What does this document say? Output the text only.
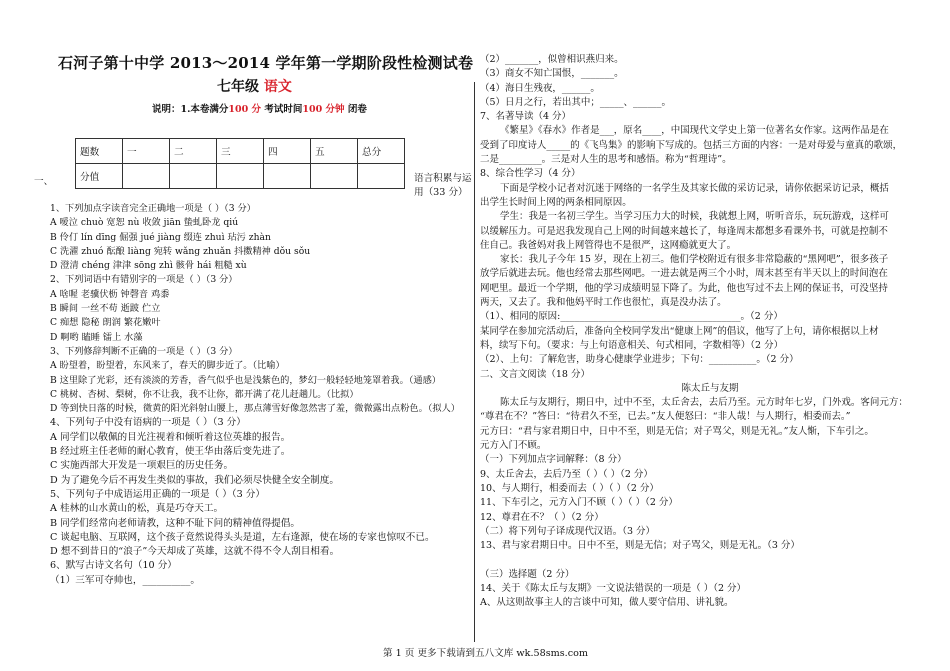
石河子第十中学 2013～2014 学年第一学期阶段性检测试卷
七年级 语文
说明：1.本卷满分100 分 考试时间100 分钟 闭卷
题数	一	二	三	四	五	总分
分值						
一、	语言积累与运用（33 分）
1、下列加点字读音完全正确地一项是（ ）（3 分）
A 嗳泣 chuò 宽恕 nù 收敛 jiān 蛰虬卧龙 qiú
B 伶仃 lín dīng 倔强 jué jiàng 缀连 zhuì 玷污 zhàn
C 洗濯 zhuó 酝酿 liàng 宛转 wǎng zhuǎn 抖擞精神 dǒu sǒu
D 澄清 chéng 津津 sōng zhì 骸骨 hái 粗糙 xù
2、下列词语中有错别字的一项是（ ）（3 分）
A 啥喔 老骥伏枥 钟磬音 鸡黍
B 瞬间 一丝不苟 逝跛 伫立
C 痴想 隐秘 朗润 繁花嫩叶
D 啊哟 瞌睡 镭上 水藻
3、下列修辞判断不正确的一项是（ ）（3 分）
A 盼望着，盼望着，东风来了，春天的脚步近了。（比喻）
B 这里除了光彩，还有淡淡的芳香，香气似乎也是浅紫色的，梦幻一般轻轻地笼罩着我。（通感）
C 桃树、杏树、梨树，你不让我，我不让你，都开满了花儿赶趟儿。（比拟）
D 等到快日落的时候，微黄的阳光斜射山腰上，那点薄雪好像忽然害了羞，微微露出点粉色。（拟人）
4、下列句子中没有语病的一项是（ ）（3 分）
A 同学们以敬佩的目光注视着和倾听着这位英雄的报告。
B 经过班主任老师的耐心教育，使王华由落后变先进了。
C 实施西部大开发是一项艰巨的历史任务。
D 为了避免今后不再发生类似的事故，我们必须尽快健全安全制度。
5、下列句子中成语运用正确的一项是（ ）（3 分）
A 桂林的山水黄山的松，真是巧夺天工。
B 同学们经常向老师请教，这种不耻下问的精神值得提倡。
C 谈起电脑、互联网，这个孩子竟然说得头头是道，左右逢源，使在场的专家也惊叹不已。
D 想不到昔日的“浪子”今天却成了英雄，这就不得不令人刮目相看。
6、默写古诗文名句（10 分）
（1）三军可夺帅也，__________。
（2）_______，似曾相识燕归来。
（3）商女不知亡国恨，_______。
（4）海日生残夜，______。
（5）日月之行，若出其中；_____、______。
7、名著导读（4 分）
《繁星》《春水》作者是___，原名____，中国现代文学史上第一位著名女作家。这两作品是在
受到了印度诗人_____的《飞鸟集》的影响下写成的。包括三方面的内容：一是对母爱与童真的歌颂，
二是_________。三是对人生的思考和感悟。称为“哲理诗”。
8、综合性学习（4 分）
下面是学校小记者对沉迷于网络的一名学生及其家长做的采访记录，请你依据采访记录，概括
出学生长时间上网的两条相同原因。
学生：我是一名初三学生。当学习压力大的时候，我就想上网，听听音乐，玩玩游戏，这样可
以缓解压力。可是迟我发现自己上网的时间越来越长了，每逢周末都想多看课外书，可就是控制不
住自己。我爸妈对我上网管得也不是很严，这网瘾就更大了。
家长：我儿子今年 15 岁，现在上初三。他们学校附近有很多非常隐蔽的“黑网吧”，很多孩子
放学后就进去玩。他也经常去那些网吧。一进去就是两三个小时，周末甚至有半天以上的时间泡在
网吧里。最近一个学期，他的学习成绩明显下降了。为此，他也写过不去上网的保证书，可没坚持
两天，又去了。我和他妈平时工作也很忙，真是没办法了。
（1）、相同的原因:______________________________________。（2 分）
某同学在参加完活动后，准备向全校同学发出“健康上网”的倡议，他写了上句，请你根据以上材
料，续写下句。（要求：与上句语意相关、句式相同，字数相等）（2 分）
（2）、上句：了解危害，助身心健康学业进步；下句：__________。（2 分）
二、文言文阅读（18 分）
陈太丘与友期
陈太丘与友期行，期日中，过中不至，太丘舍去，去后乃至。元方时年七岁，门外戏。客问元方：
“尊君在不？”答曰：“待君久不至，已去。”友人便怒曰：“非人哉！与人期行，相委而去。”
元方曰：“君与家君期日中，日中不至，则是无信；对子骂父，则是无礼。”友人惭，下车引之。
元方入门不顾。
（一）下列加点字词解释：（8 分）
9、太丘舍去，去后乃至（ ）（ ）（2 分）
10、与人期行，相委而去（ ）（ ）（2 分）
11、下车引之，元方入门不顾（ ）（ ）（2 分）
12、尊君在不？（ ）（2 分）
（二）将下列句子译成现代汉语。（3 分）
13、君与家君期日中。日中不至，则是无信；对子骂父，则是无礼。（3 分）
（三）选择题（2 分）
14、关于《陈太丘与友期》一文说法错误的一项是（ ）（2 分）
A、从这则故事主人的言谈中可知，做人要守信用、讲礼貌。
第 1 页 更多下载请到五八文库 wk.58sms.com
